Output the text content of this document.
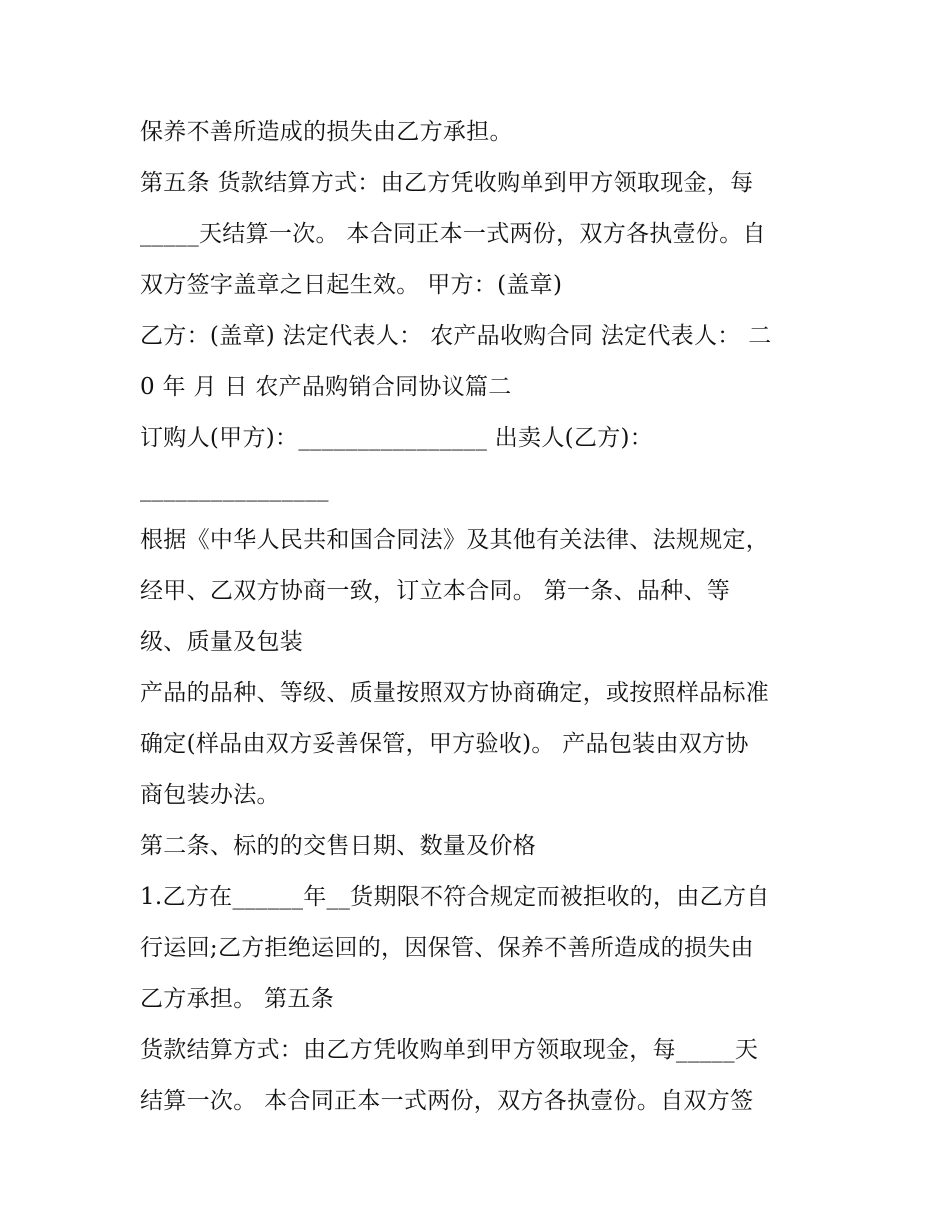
保养不善所造成的损失由乙方承担。
第五条 货款结算方式：由乙方凭收购单到甲方领取现金，每
_____天结算一次。 本合同正本一式两份，双方各执壹份。自
双方签字盖章之日起生效。 甲方：(盖章)
乙方：(盖章) 法定代表人： 农产品收购合同 法定代表人： 二
0 年 月 日 农产品购销合同协议篇二
订购人(甲方)：________________ 出卖人(乙方)：
________________
根据《中华人民共和国合同法》及其他有关法律、法规规定，
经甲、乙双方协商一致，订立本合同。 第一条、品种、等
级、质量及包装
产品的品种、等级、质量按照双方协商确定，或按照样品标准
确定(样品由双方妥善保管，甲方验收)。 产品包装由双方协
商包装办法。
第二条、标的的交售日期、数量及价格
1.乙方在______年__货期限不符合规定而被拒收的，由乙方自
行运回;乙方拒绝运回的，因保管、保养不善所造成的损失由
乙方承担。 第五条
货款结算方式：由乙方凭收购单到甲方领取现金，每_____天
结算一次。 本合同正本一式两份，双方各执壹份。自双方签
